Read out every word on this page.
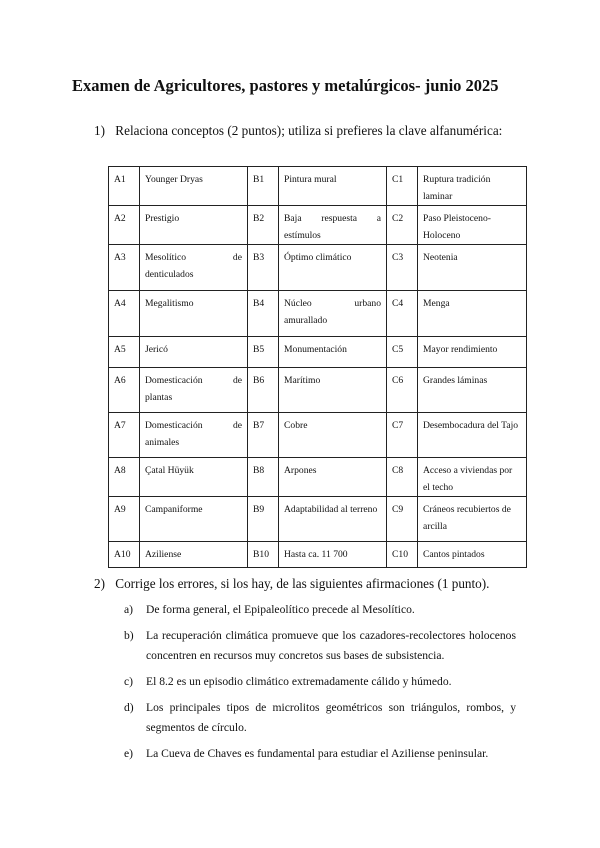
Examen de Agricultores, pastores y metalúrgicos- junio 2025
1) Relaciona conceptos (2 puntos); utiliza si prefieres la clave alfanumérica:
A1	Younger Dryas	B1	Pintura mural	C1	Ruptura tradición laminar
A2	Prestigio	B2	Baja respuesta a estímulos	C2	Paso Pleistoceno- Holoceno
A3	Mesolítico de denticulados	B3	Óptimo climático	C3	Neotenia
A4	Megalitismo	B4	Núcleo urbano amurallado	C4	Menga
A5	Jericó	B5	Monumentación	C5	Mayor rendimiento
A6	Domesticación de plantas	B6	Marítimo	C6	Grandes láminas
A7	Domesticación de animales	B7	Cobre	C7	Desembocadura del Tajo
A8	Çatal Hüyük	B8	Arpones	C8	Acceso a viviendas por el techo
A9	Campaniforme	B9	Adaptabilidad al terreno	C9	Cráneos recubiertos de arcilla
A10	Aziliense	B10	Hasta ca. 11 700	C10	Cantos pintados
2) Corrige los errores, si los hay, de las siguientes afirmaciones (1 punto).
a) De forma general, el Epipaleolítico precede al Mesolítico.
b) La recuperación climática promueve que los cazadores-recolectores holocenos concentren en recursos muy concretos sus bases de subsistencia.
c) El 8.2 es un episodio climático extremadamente cálido y húmedo.
d) Los principales tipos de microlitos geométricos son triángulos, rombos, y segmentos de círculo.
e) La Cueva de Chaves es fundamental para estudiar el Aziliense peninsular.
